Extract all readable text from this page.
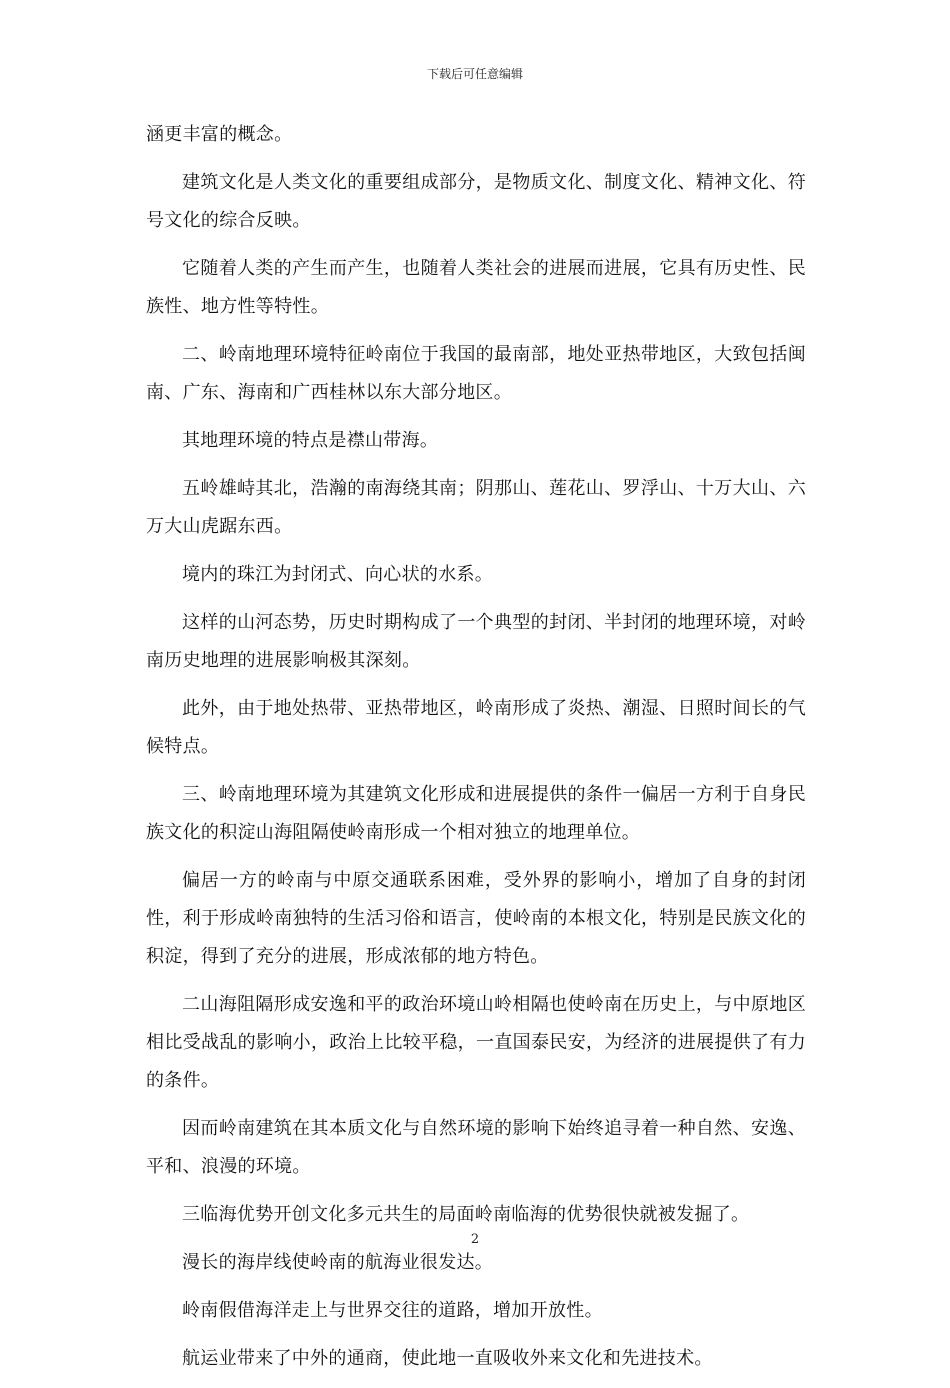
下载后可任意编辑

涵更丰富的概念。

建筑文化是人类文化的重要组成部分，是物质文化、制度文化、精神文化、符号文化的综合反映。

它随着人类的产生而产生，也随着人类社会的进展而进展，它具有历史性、民族性、地方性等特性。

二、岭南地理环境特征岭南位于我国的最南部，地处亚热带地区，大致包括闽南、广东、海南和广西桂林以东大部分地区。

其地理环境的特点是襟山带海。

五岭雄峙其北，浩瀚的南海绕其南；阴那山、莲花山、罗浮山、十万大山、六万大山虎踞东西。

境内的珠江为封闭式、向心状的水系。

这样的山河态势，历史时期构成了一个典型的封闭、半封闭的地理环境，对岭南历史地理的进展影响极其深刻。

此外，由于地处热带、亚热带地区，岭南形成了炎热、潮湿、日照时间长的气候特点。

三、岭南地理环境为其建筑文化形成和进展提供的条件一偏居一方利于自身民族文化的积淀山海阻隔使岭南形成一个相对独立的地理单位。

偏居一方的岭南与中原交通联系困难，受外界的影响小，增加了自身的封闭性，利于形成岭南独特的生活习俗和语言，使岭南的本根文化，特别是民族文化的积淀，得到了充分的进展，形成浓郁的地方特色。

二山海阻隔形成安逸和平的政治环境山岭相隔也使岭南在历史上，与中原地区相比受战乱的影响小，政治上比较平稳，一直国泰民安，为经济的进展提供了有力的条件。

因而岭南建筑在其本质文化与自然环境的影响下始终追寻着一种自然、安逸、平和、浪漫的环境。

三临海优势开创文化多元共生的局面岭南临海的优势很快就被发掘了。

漫长的海岸线使岭南的航海业很发达。

岭南假借海洋走上与世界交往的道路，增加开放性。

航运业带来了中外的通商，使此地一直吸收外来文化和先进技术。

2
